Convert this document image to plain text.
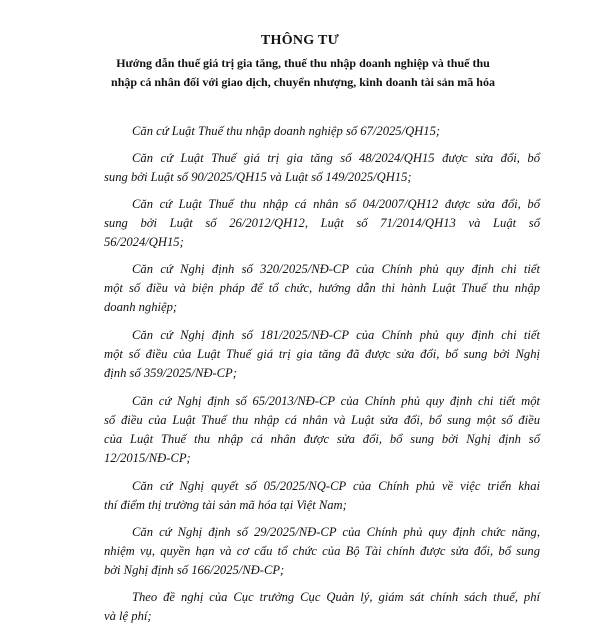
THÔNG TƯ
Hướng dẫn thuế giá trị gia tăng, thuế thu nhập doanh nghiệp và thuế thu
nhập cá nhân đối với giao dịch, chuyển nhượng, kinh doanh tài sản mã hóa
Căn cứ Luật Thuế thu nhập doanh nghiệp số 67/2025/QH15;
Căn cứ Luật Thuế giá trị gia tăng số 48/2024/QH15 được sửa đổi, bổ
sung bởi Luật số 90/2025/QH15 và Luật số 149/2025/QH15;
Căn cứ Luật Thuế thu nhập cá nhân số 04/2007/QH12 được sửa đổi, bổ
sung bởi Luật số 26/2012/QH12, Luật số 71/2014/QH13 và Luật số
56/2024/QH15;
Căn cứ Nghị định số 320/2025/NĐ-CP của Chính phủ quy định chi tiết
một số điều và biện pháp để tổ chức, hướng dẫn thi hành Luật Thuế thu nhập
doanh nghiệp;
Căn cứ Nghị định số 181/2025/NĐ-CP của Chính phủ quy định chi tiết
một số điều của Luật Thuế giá trị gia tăng đã được sửa đổi, bổ sung bởi Nghị
định số 359/2025/NĐ-CP;
Căn cứ Nghị định số 65/2013/NĐ-CP của Chính phủ quy định chi tiết một
số điều của Luật Thuế thu nhập cá nhân và Luật sửa đổi, bổ sung một số điều
của Luật Thuế thu nhập cá nhân được sửa đổi, bổ sung bởi Nghị định số
12/2015/NĐ-CP;
Căn cứ Nghị quyết số 05/2025/NQ-CP của Chính phủ về việc triển khai
thí điểm thị trường tài sản mã hóa tại Việt Nam;
Căn cứ Nghị định số 29/2025/NĐ-CP của Chính phủ quy định chức năng,
nhiệm vụ, quyền hạn và cơ cấu tổ chức của Bộ Tài chính được sửa đổi, bổ sung
bởi Nghị định số 166/2025/NĐ-CP;
Theo đề nghị của Cục trưởng Cục Quản lý, giám sát chính sách thuế, phí
và lệ phí;
